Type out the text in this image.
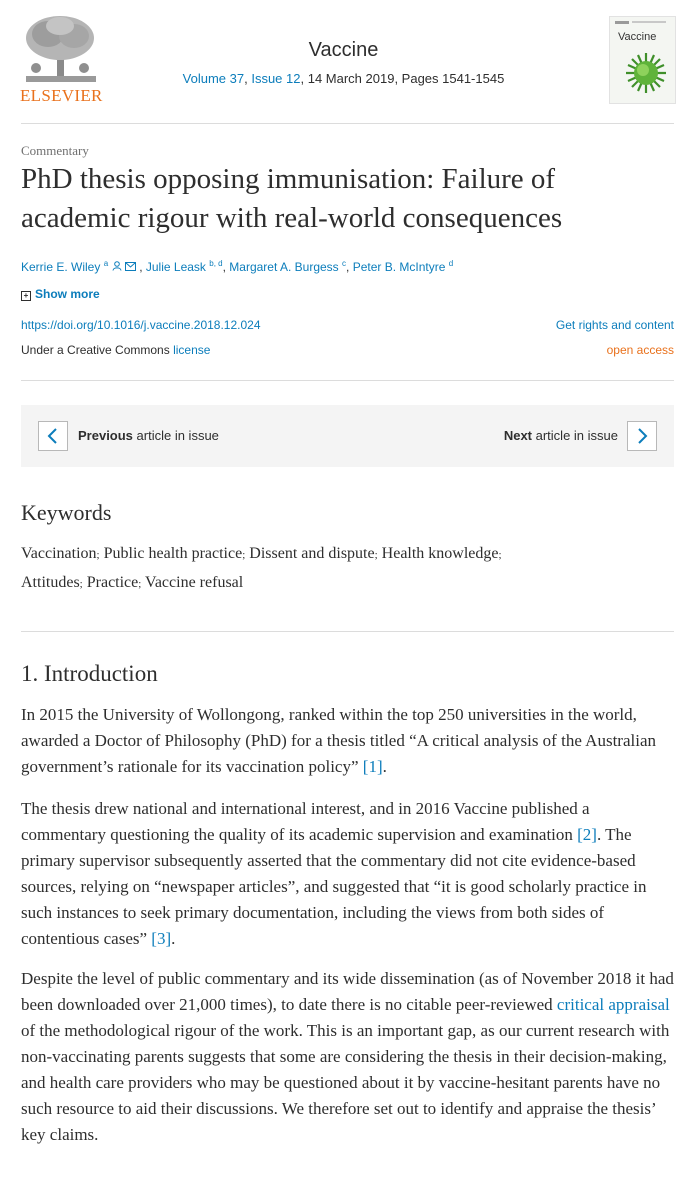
ELSEVIER
Vaccine
Volume 37, Issue 12, 14 March 2019, Pages 1541-1545
Vaccine
Commentary
PhD thesis opposing immunisation: Failure of academic rigour with real-world consequences
Kerrie E. Wiley $^a$	, Julie Leask $^{b, d}$, Margaret A. Burgess $^c$, Peter B. McIntyre $^d$
+ Show more
https://doi.org/10.1016/j.vaccine.2018.12.024	Get rights and content
Under a Creative Commons license	open access
Previous article in issue	Next article in issue
Keywords
Vaccination; Public health practice; Dissent and dispute; Health knowledge;
Attitudes; Practice; Vaccine refusal
1. Introduction

In 2015 the University of Wollongong, ranked within the top 250 universities in the world, awarded a Doctor of Philosophy (PhD) for a thesis titled “A critical analysis of the Australian government’s rationale for its vaccination policy” [1].

The thesis drew national and international interest, and in 2016 Vaccine published a commentary questioning the quality of its academic supervision and examination [2]. The primary supervisor subsequently asserted that the commentary did not cite evidence-based sources, relying on “newspaper articles”, and suggested that “it is good scholarly practice in such instances to seek primary documentation, including the views from both sides of contentious cases” [3].

Despite the level of public commentary and its wide dissemination (as of November 2018 it had been downloaded over 21,000 times), to date there is no citable peer-reviewed critical appraisal of the methodological rigour of the work. This is an important gap, as our current research with non-vaccinating parents suggests that some are considering the thesis in their decision-making, and health care providers who may be questioned about it by vaccine-hesitant parents have no such resource to aid their discussions. We therefore set out to identify and appraise the thesis’ key claims.
